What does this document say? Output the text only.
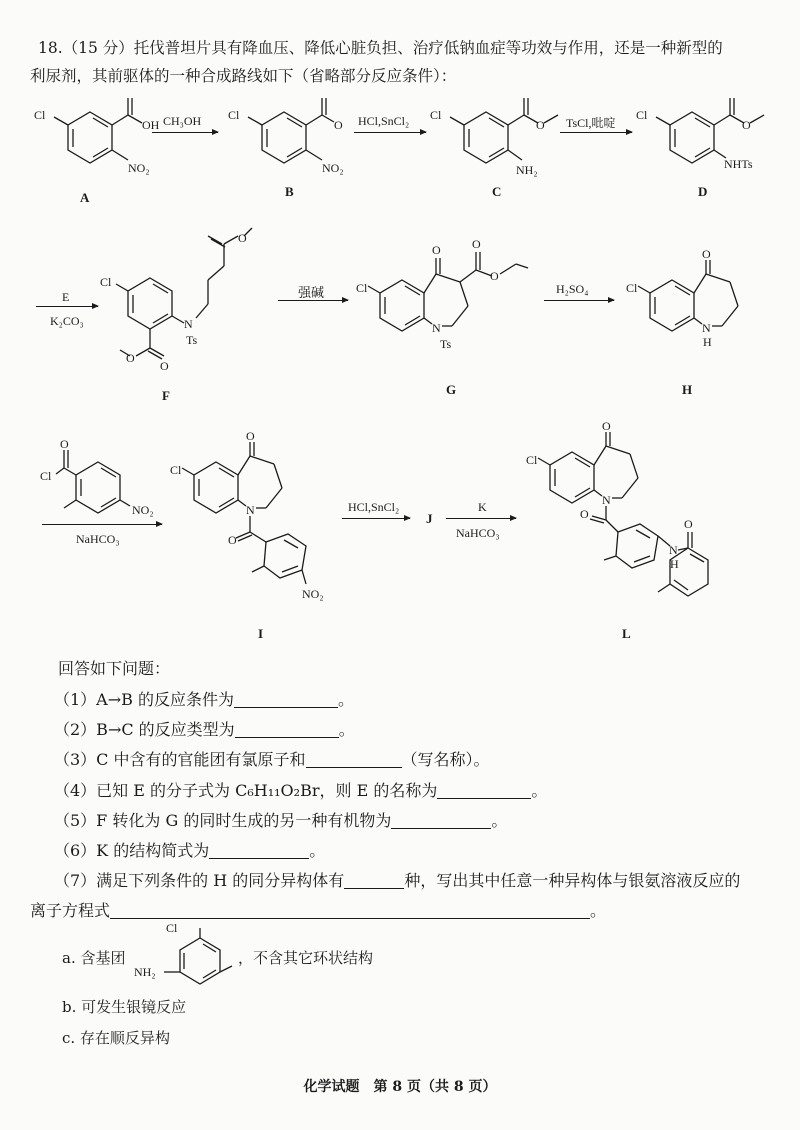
18.（15 分）托伐普坦片具有降血压、降低心脏负担、治疗低钠血症等功效与作用，还是一种新型的
利尿剂，其前驱体的一种合成路线如下（省略部分反应条件）：
Cl
OH
NO₂
A
CH₃OH Cl
O
NO₂
B
HCl,SnCl₂ Cl
O
NH₂
C
TsCl,吡啶
Cl
O
NHTs
D
E
K₂CO₃
Cl
N
Ts
O
O
O
F
强碱	Cl
O	O
O
N
Ts
G
H₂SO₄	Cl
O
N
H
H
O
Cl
NO₂
NaHCO₃
Cl
O
N
O
NO₂
I
HCl,SnCl₂
J
K
NaHCO₃
Cl
O
N
O
N
H
O
L
回答如下问题：
（1）A→B 的反应条件为	。
（2）B→C 的反应类型为	。
（3）C 中含有的官能团有氯原子和	（写名称）。
（4）已知 E 的分子式为 C₆H₁₁O₂Br，则 E 的名称为	。
（5）F 转化为 G 的同时生成的另一种有机物为	。
（6）K 的结构简式为	。
（7）满足下列条件的 H 的同分异构体有	种，写出其中任意一种异构体与银氨溶液反应的
离子方程式	。
a. 含基团
Cl
NH₂
，不含其它环状结构
b. 可发生银镜反应
c. 存在顺反异构
化学试题　第 8 页（共 8 页）
